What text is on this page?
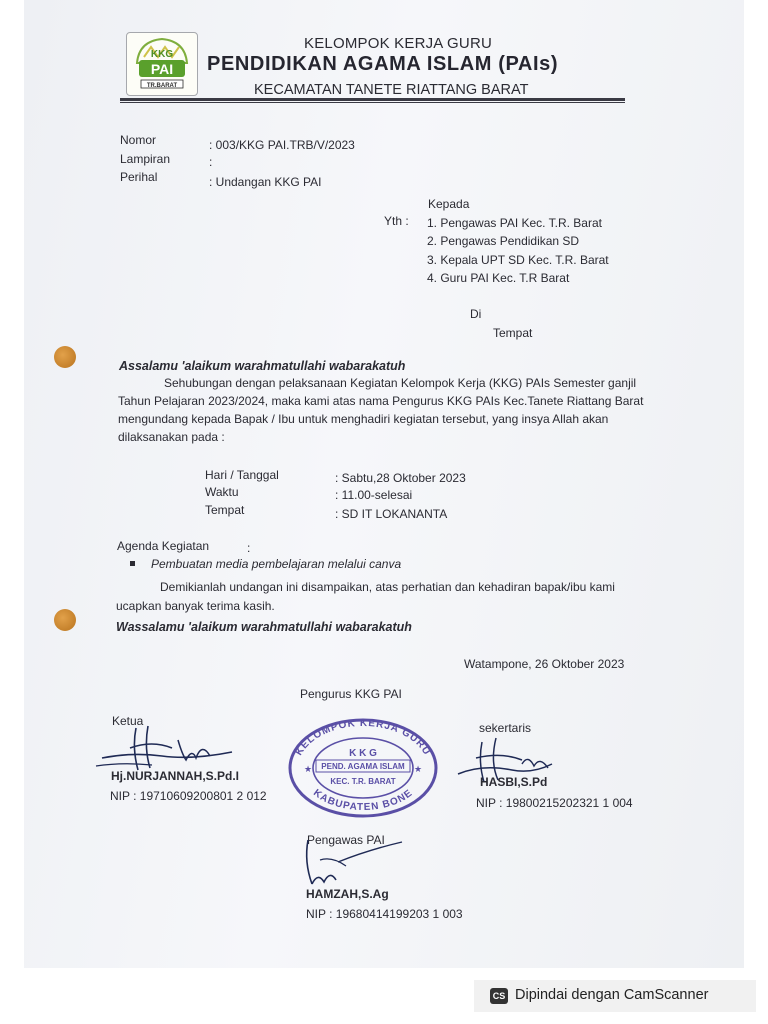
KKG
PAI
TR.BARAT
KELOMPOK KERJA GURU
PENDIDIKAN AGAMA ISLAM (PAIs)
KECAMATAN TANETE RIATTANG BARAT
Nomor	: 003/KKG PAI.TRB/V/2023
Lampiran	:
Perihal	: Undangan KKG PAI
Kepada
Yth : 1. Pengawas PAI Kec. T.R. Barat
2. Pengawas Pendidikan SD
3. Kepala UPT SD Kec. T.R. Barat
4. Guru PAI Kec. T.R Barat
Di
Tempat
Assalamu 'alaikum warahmatullahi wabarakatuh
Sehubungan dengan pelaksanaan Kegiatan Kelompok Kerja (KKG) PAIs Semester ganjil
Tahun Pelajaran 2023/2024, maka kami atas nama Pengurus KKG PAIs Kec.Tanete Riattang Barat
mengundang kepada Bapak / Ibu untuk menghadiri kegiatan tersebut, yang insya Allah akan
dilaksanakan pada :
Hari / Tanggal	: Sabtu,28 Oktober 2023
Waktu	: 11.00-selesai
Tempat	: SD IT LOKANANTA
Agenda Kegiatan	:
Pembuatan media pembelajaran melalui canva
Demikianlah undangan ini disampaikan, atas perhatian dan kehadiran bapak/ibu kami
ucapkan banyak terima kasih.
Wassalamu 'alaikum warahmatullahi wabarakatuh
Watampone, 26 Oktober 2023
Pengurus KKG PAI
Ketua	sekertaris
Hj.NURJANNAH,S.Pd.I
NIP : 19710609200801 2 012
KELOMPOK KERJA GURU
KABUPATEN BONE
K K G
PEND. AGAMA ISLAM
KEC. T.R. BARAT
★	★
HASBI,S.Pd
NIP : 19800215202321 1 004
Pengawas PAI
HAMZAH,S.Ag
NIP : 19680414199203 1 003
CS Dipindai dengan CamScanner
